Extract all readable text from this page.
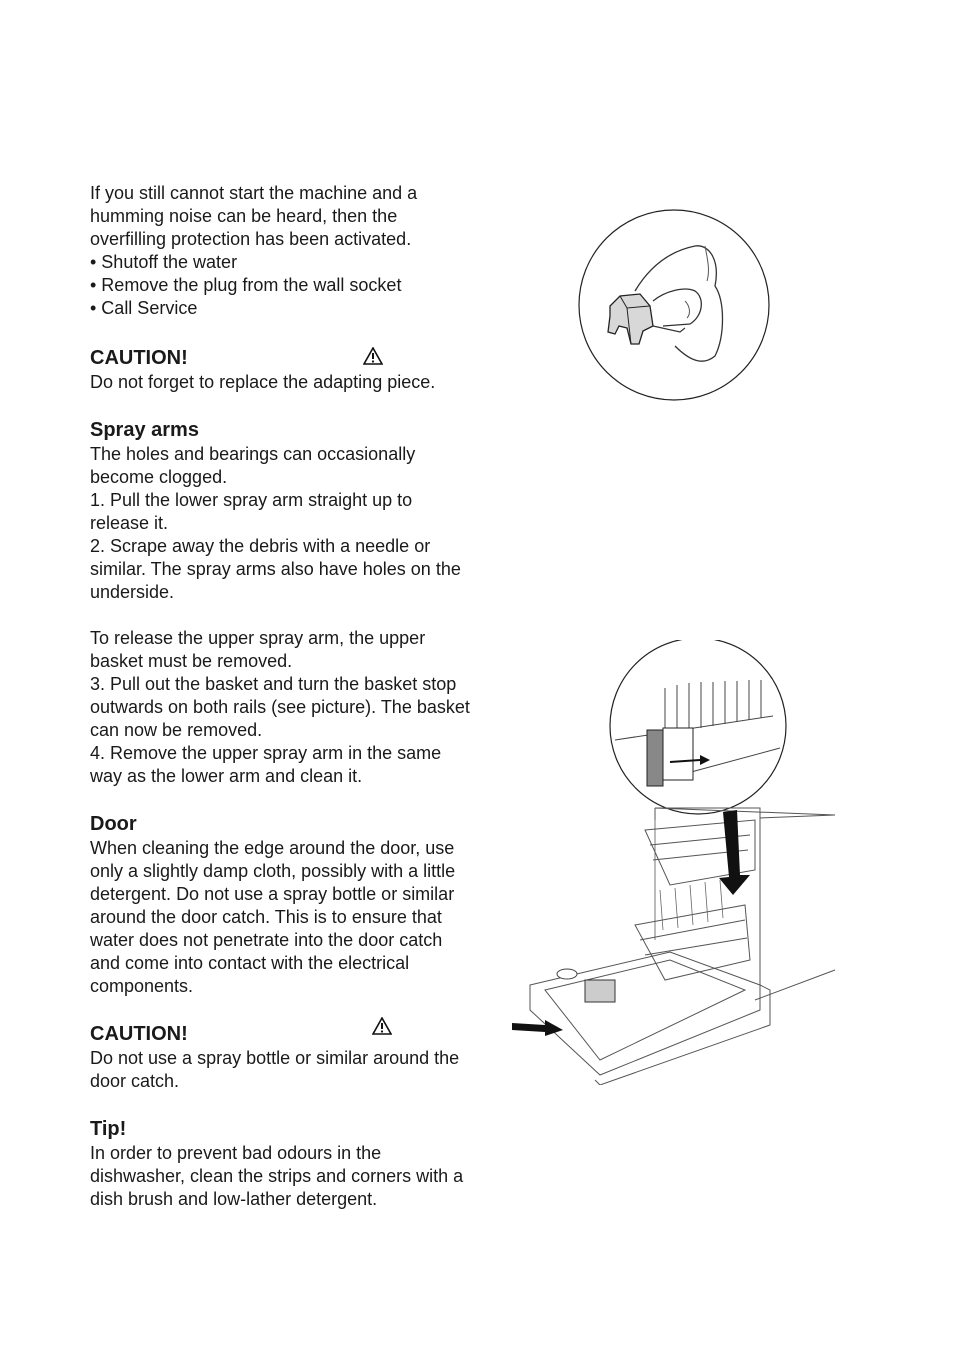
If you still cannot start the machine and a humming noise can be heard, then the overfilling protection has been activated.

• Shutoff the water

• Remove the plug from the wall socket

• Call Service

CAUTION!

Do not forget to replace the adapting piece.

Spray arms

The holes and bearings can occasionally become clogged.

1. Pull the lower spray arm straight up to release it.

2. Scrape away the debris with a needle or similar. The spray arms also have holes on the underside.

To release the upper spray arm, the upper basket must be removed.

3. Pull out the basket and turn the basket stop outwards on both rails (see picture). The basket can now be removed.

4. Remove the upper spray arm in the same way as the lower arm and clean it.

Door

When cleaning the edge around the door, use only a slightly damp cloth, possibly with a little detergent. Do not use a spray bottle or similar around the door catch. This is to ensure that water does not penetrate into the door catch and come into contact with the electrical components.

CAUTION!

Do not use a spray bottle or similar around the door catch.

Tip!

In order to prevent bad odours in the dishwasher, clean the strips and corners with a dish brush and low-lather detergent.
